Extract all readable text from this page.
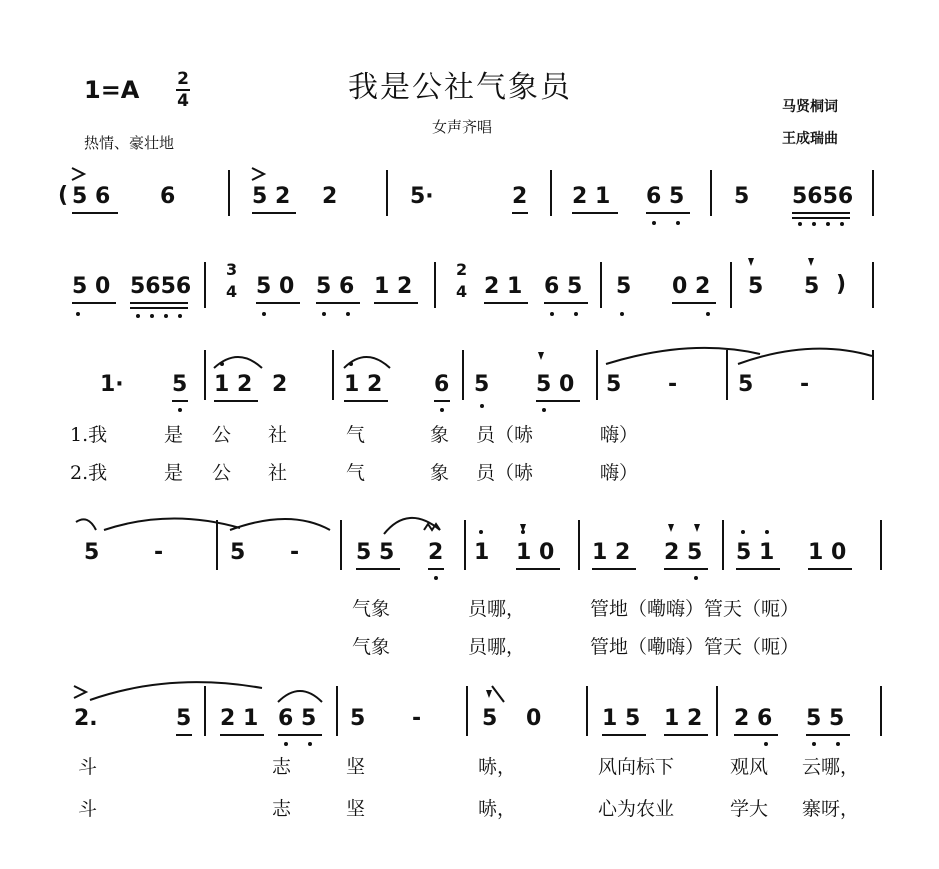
1=A 2
4	我是公社气象员
热情、豪壮地
女声齐唱
马贤桐词
王成瑞曲
( 5 6 6	5 2 2	5·	2 2 1 6 5 5 5656
5 0 5656
3
4 5 0 5 6 1 2
2
4 2 1 6 5 5 0 2 5 5 )
1· 5 1 2 2	1 2 6 5 5 0 5 -	5 -
1.我	是 公 社	气	象 员（哧	嗨）
2.我	是 公 社	气	象 员（哧	嗨）
5 -	5 -	5 5 2 1 1 0 1 2 2 5 5 1 1 0
气象	员哪，	管地（嘞嗨）管天（呃）
气象	员哪，	管地（嘞嗨）管天（呃）
2.	5 2 1 6 5 5 -	5 0	1 5 1 2 2 6 5 5
斗	志	坚	哧，	风向标下	观风 云哪，
斗	志	坚	哧，	心为农业	学大 寨呀，
